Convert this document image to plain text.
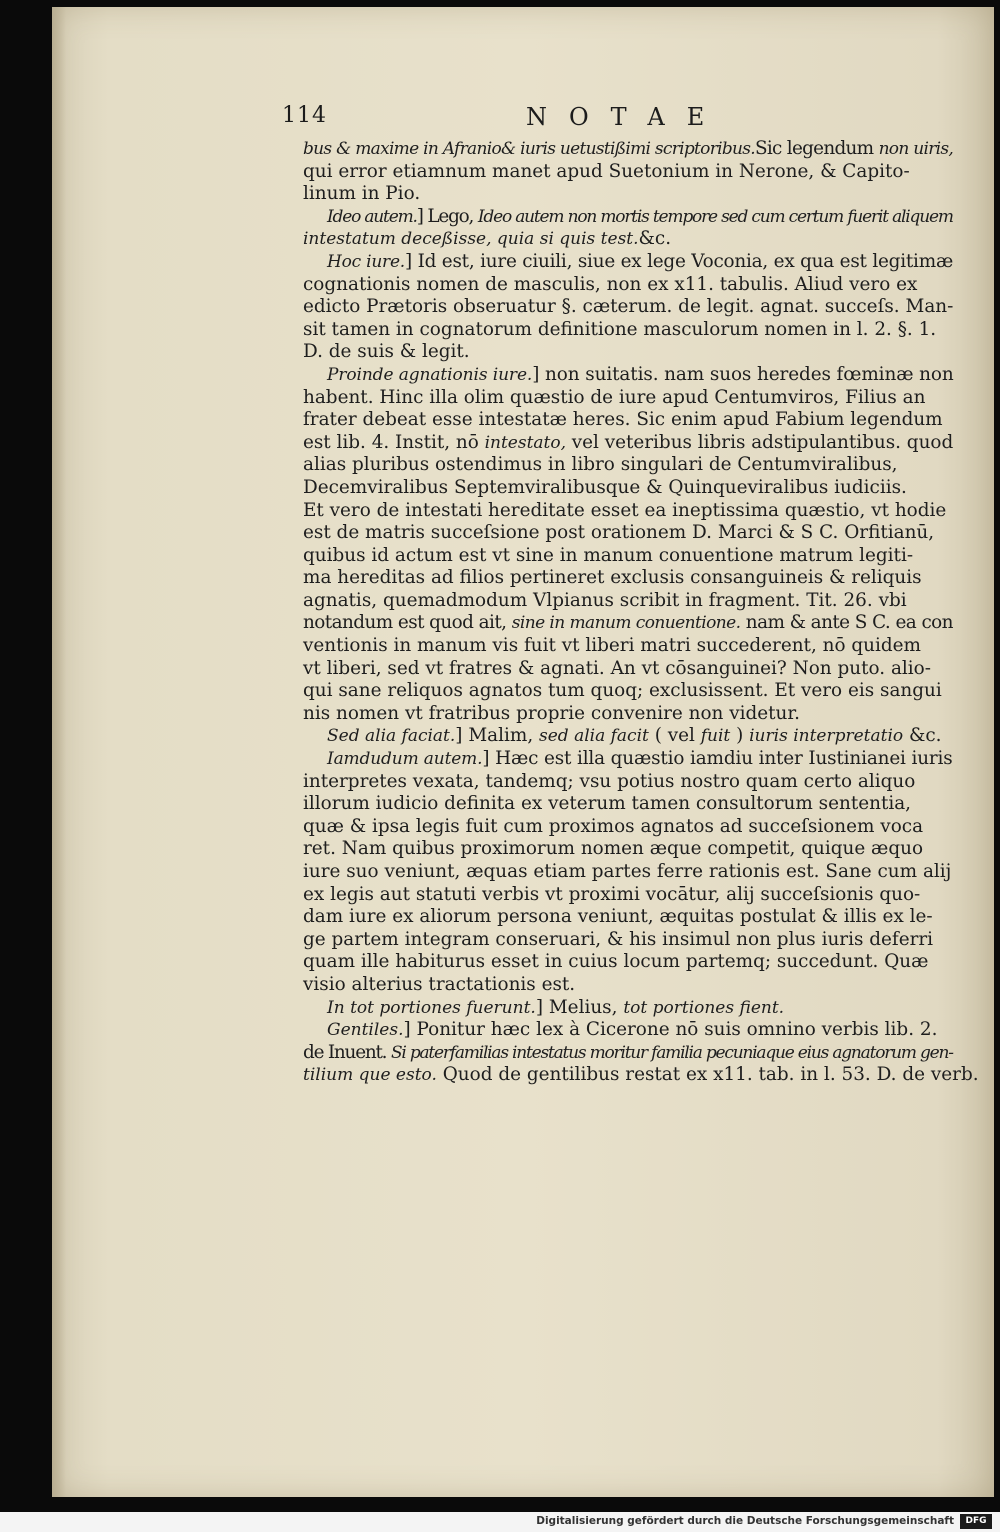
114	NOTAE
bus & maxime in Afranio& iuris uetustißimi scriptoribus.Sic legendum non uiris,
qui error etiamnum manet apud Suetonium in Nerone, & Capito-
linum in Pio.
Ideo autem.] Lego, Ideo autem non mortis tempore sed cum certum fuerit aliquem
intestatum deceßisse, quia si quis test.&c.
Hoc iure.] Id est, iure ciuili, siue ex lege Voconia, ex qua est legitimæ
cognationis nomen de masculis, non ex x11. tabulis. Aliud vero ex
edicto Prætoris obseruatur §. cæterum. de legit. agnat. succeſs. Man-
sit tamen in cognatorum definitione masculorum nomen in l. 2. §. 1.
D. de suis & legit.
Proinde agnationis iure.] non suitatis. nam suos heredes fœminæ non
habent. Hinc illa olim quæstio de iure apud Centumviros, Filius an
frater debeat esse intestatæ heres. Sic enim apud Fabium legendum
est lib. 4. Instit, nō intestato, vel veteribus libris adstipulantibus. quod
alias pluribus ostendimus in libro singulari de Centumviralibus,
Decemviralibus Septemviralibusque & Quinqueviralibus iudiciis.
Et vero de intestati hereditate esset ea ineptissima quæstio, vt hodie
est de matris succeſsione post orationem D. Marci & S C. Orfitianū,
quibus id actum est vt sine in manum conuentione matrum legiti-
ma hereditas ad filios pertineret exclusis consanguineis & reliquis
agnatis, quemadmodum Vlpianus scribit in fragment. Tit. 26. vbi
notandum est quod ait, sine in manum conuentione. nam & ante S C. ea con
ventionis in manum vis fuit vt liberi matri succederent, nō quidem
vt liberi, sed vt fratres & agnati. An vt cōsanguinei? Non puto. alio-
qui sane reliquos agnatos tum quoq; exclusissent. Et vero eis sangui
nis nomen vt fratribus proprie convenire non videtur.
Sed alia faciat.] Malim, sed alia facit ( vel fuit ) iuris interpretatio &c.
Iamdudum autem.] Hæc est illa quæstio iamdiu inter Iustinianei iuris
interpretes vexata, tandemq; vsu potius nostro quam certo aliquo
illorum iudicio definita ex veterum tamen consultorum sententia,
quæ & ipsa legis fuit cum proximos agnatos ad succeſsionem voca
ret. Nam quibus proximorum nomen æque competit, quique æquo
iure suo veniunt, æquas etiam partes ferre rationis est. Sane cum alij
ex legis aut statuti verbis vt proximi vocātur, alij succeſsionis quo-
dam iure ex aliorum persona veniunt, æquitas postulat & illis ex le-
ge partem integram conseruari, & his insimul non plus iuris deferri
quam ille habiturus esset in cuius locum partemq; succedunt. Quæ
visio alterius tractationis est.
In tot portiones fuerunt.] Melius, tot portiones fient.
Gentiles.] Ponitur hæc lex à Cicerone nō suis omnino verbis lib. 2.
de Inuent. Si paterfamilias intestatus moritur familia pecuniaque eius agnatorum gen-
tilium que esto. Quod de gentilibus restat ex x11. tab. in l. 53. D. de verb.
Digitalisierung gefördert durch die Deutsche Forschungsgemeinschaft	DFG
